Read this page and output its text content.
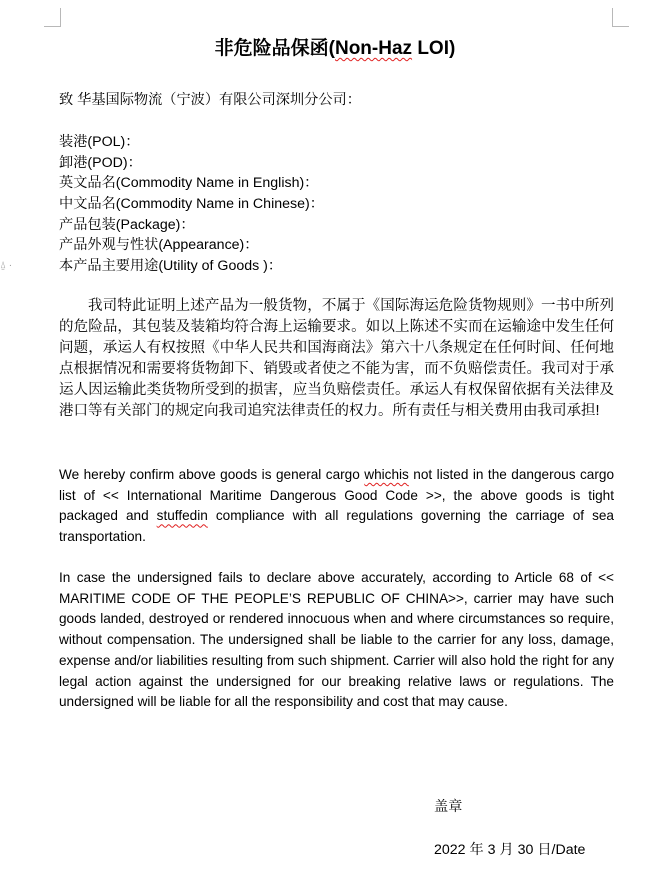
⍙ ·
非危险品保函(Non-Haz LOI)
致 华基国际物流（宁波）有限公司深圳分公司：
装港(POL)：
卸港(POD)：
英文品名(Commodity Name in English)：
中文品名(Commodity Name in Chinese)：
产品包装(Package)：
产品外观与性状(Appearance)：
本产品主要用途(Utility of Goods )：
我司特此证明上述产品为一般货物，不属于《国际海运危险货物规则》一书中所列的危险品，其包装及装箱均符合海上运输要求。如以上陈述不实而在运输途中发生任何问题，承运人有权按照《中华人民共和国海商法》第六十八条规定在任何时间、任何地点根据情况和需要将货物卸下、销毁或者使之不能为害，而不负赔偿责任。我司对于承运人因运输此类货物所受到的损害，应当负赔偿责任。承运人有权保留依据有关法律及港口等有关部门的规定向我司追究法律责任的权力。所有责任与相关费用由我司承担!
We hereby confirm above goods is general cargo whichis not listed in the dangerous cargo list of << International Maritime Dangerous Good Code >>, the above goods is tight packaged and stuffedin compliance with all regulations governing the carriage of sea transportation.
In case the undersigned fails to declare above accurately, according to Article 68 of << MARITIME CODE OF THE PEOPLE’S REPUBLIC OF CHINA>>, carrier may have such goods landed, destroyed or rendered innocuous when and where circumstances so require, without compensation. The undersigned shall be liable to the carrier for any loss, damage, expense and/or liabilities resulting from such shipment. Carrier will also hold the right for any legal action against the undersigned for our breaking relative laws or regulations. The undersigned will be liable for all the responsibility and cost that may cause.
盖章
2022 年 3 月 30 日/Date
